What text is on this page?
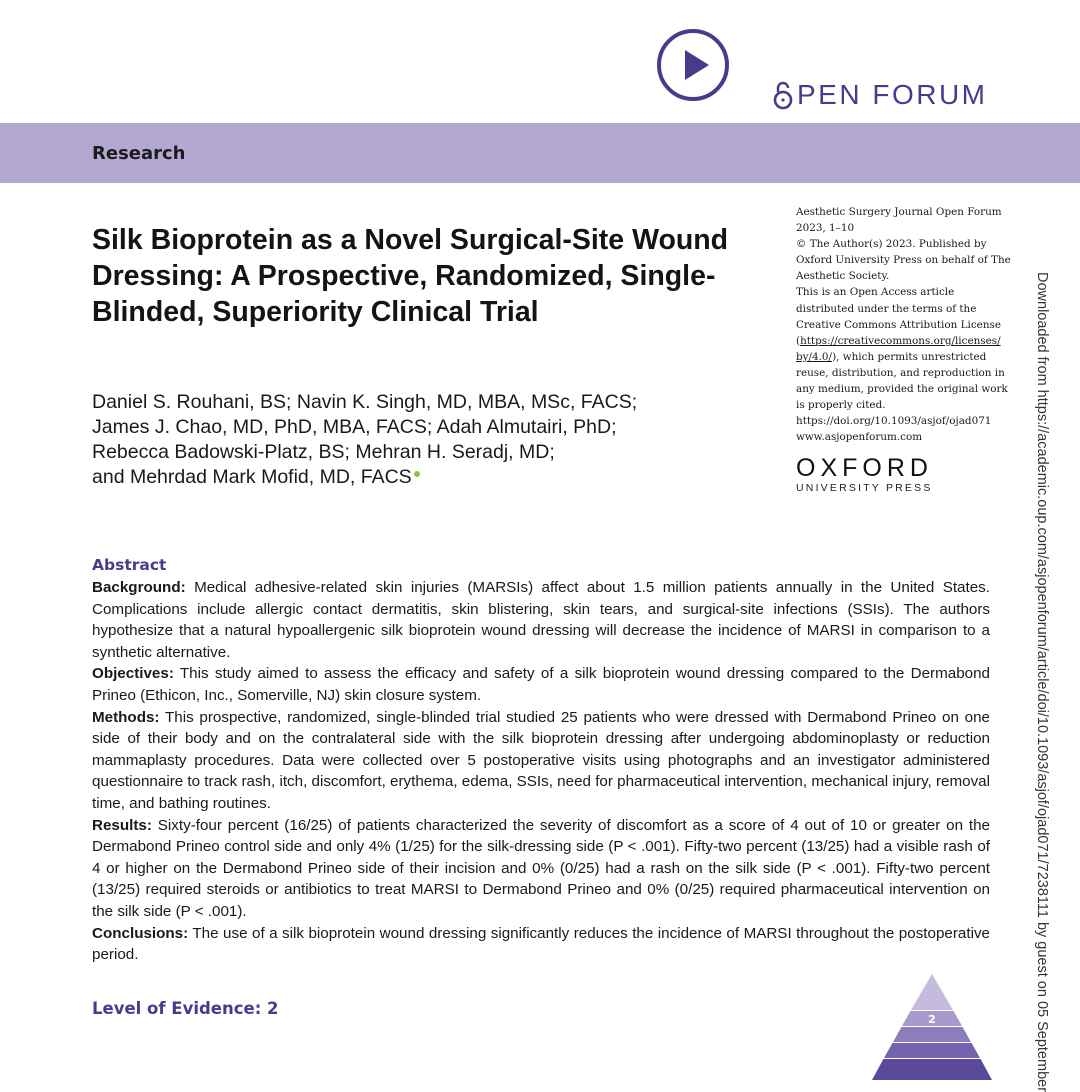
PEN FORUM
Research
Silk Bioprotein as a Novel Surgical-Site Wound Dressing: A Prospective, Randomized, Single-Blinded, Superiority Clinical Trial
Daniel S. Rouhani, BS; Navin K. Singh, MD, MBA, MSc, FACS;
James J. Chao, MD, PhD, MBA, FACS; Adah Almutairi, PhD;
Rebecca Badowski-Platz, BS; Mehran H. Seradj, MD;
and Mehrdad Mark Mofid, MD, FACS
Aesthetic Surgery Journal Open Forum
2023, 1–10
© The Author(s) 2023. Published by
Oxford University Press on behalf of The
Aesthetic Society.
This is an Open Access article
distributed under the terms of the
Creative Commons Attribution License
(https://creativecommons.org/licenses/
by/4.0/), which permits unrestricted
reuse, distribution, and reproduction in
any medium, provided the original work
is properly cited.
https://doi.org/10.1093/asjof/ojad071
www.asjopenforum.com
OXFORD
UNIVERSITY PRESS	Downloaded from https://academic.oup.com/asjopenforum/article/doi/10.1093/asjof/ojad071/7238111 by guest on 05 September
Abstract

Background: Medical adhesive-related skin injuries (MARSIs) affect about 1.5 million patients annually in the United States. Complications include allergic contact dermatitis, skin blistering, skin tears, and surgical-site infections (SSIs). The authors hypothesize that a natural hypoallergenic silk bioprotein wound dressing will decrease the incidence of MARSI in comparison to a synthetic alternative.

Objectives: This study aimed to assess the efficacy and safety of a silk bioprotein wound dressing compared to the Dermabond Prineo (Ethicon, Inc., Somerville, NJ) skin closure system.

Methods: This prospective, randomized, single-blinded trial studied 25 patients who were dressed with Dermabond Prineo on one side of their body and on the contralateral side with the silk bioprotein dressing after undergoing abdominoplasty or reduction mammaplasty procedures. Data were collected over 5 postoperative visits using photographs and an investigator administered questionnaire to track rash, itch, discomfort, erythema, edema, SSIs, need for pharmaceutical intervention, mechanical injury, removal time, and bathing routines.

Results: Sixty-four percent (16/25) of patients characterized the severity of discomfort as a score of 4 out of 10 or greater on the Dermabond Prineo control side and only 4% (1/25) for the silk-dressing side (P < .001). Fifty-two percent (13/25) had a visible rash of 4 or higher on the Dermabond Prineo side of their incision and 0% (0/25) had a rash on the silk side (P < .001). Fifty-two percent (13/25) required steroids or antibiotics to treat MARSI to Dermabond Prineo and 0% (0/25) required pharmaceutical intervention on the silk side (P < .001).

Conclusions: The use of a silk bioprotein wound dressing significantly reduces the incidence of MARSI throughout the postoperative period.

Level of Evidence: 2
2
